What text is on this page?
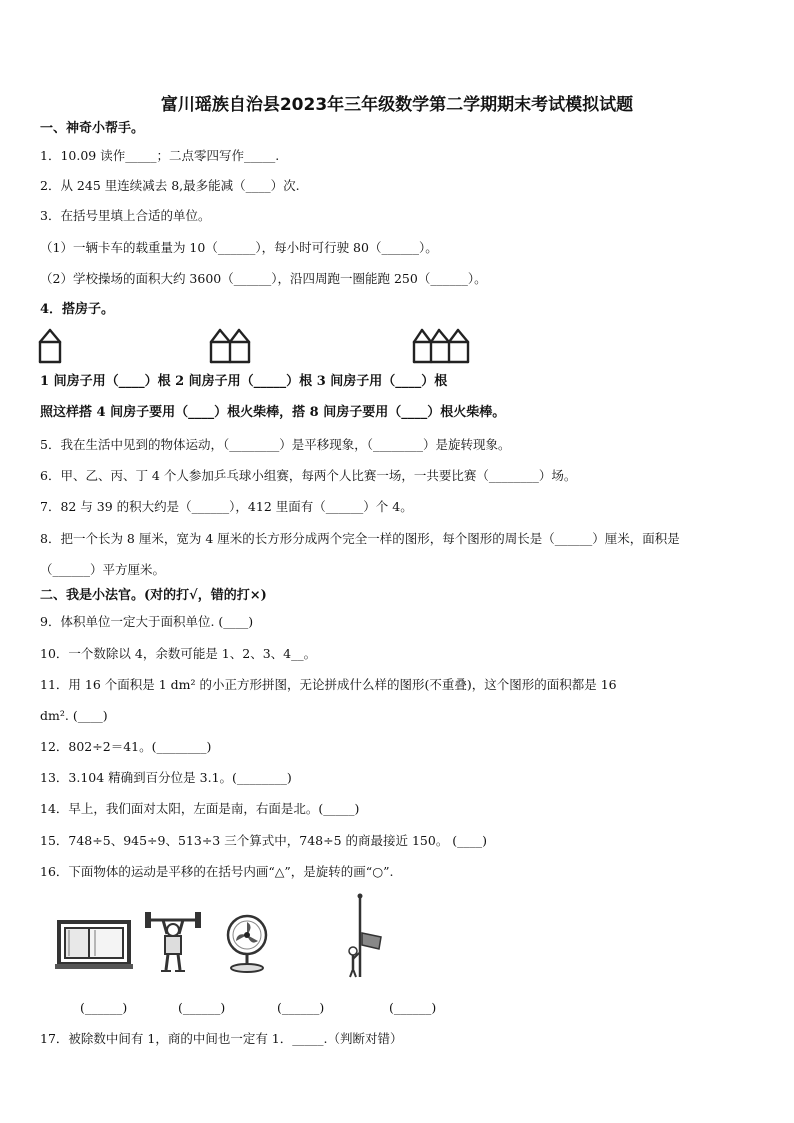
富川瑶族自治县2023年三年级数学第二学期期末考试模拟试题
一、神奇小帮手。
1．10.09 读作_____；二点零四写作_____.
2．从 245 里连续减去 8,最多能减（____）次.
3．在括号里填上合适的单位。
（1）一辆卡车的载重量为 10（______），每小时可行驶 80（______）。
（2）学校操场的面积大约 3600（______），沿四周跑一圈能跑 250（______）。
4．搭房子。
1 间房子用（____）根 2 间房子用（_____）根 3 间房子用（____）根
照这样搭 4 间房子要用（____）根火柴棒，搭 8 间房子要用（____）根火柴棒。
5．我在生活中见到的物体运动，（________）是平移现象，（________）是旋转现象。
6．甲、乙、丙、丁 4 个人参加乒乓球小组赛，每两个人比赛一场，一共要比赛（________）场。
7．82 与 39 的积大约是（______），412 里面有（______）个 4。
8．把一个长为 8 厘米，宽为 4 厘米的长方形分成两个完全一样的图形，每个图形的周长是（______）厘米，面积是
（______）平方厘米。
二、我是小法官。(对的打√，错的打×)
9．体积单位一定大于面积单位. (____)
10．一个数除以 4，余数可能是 1、2、3、4__。
11．用 16 个面积是 1 dm² 的小正方形拼图，无论拼成什么样的图形(不重叠)，这个图形的面积都是 16
dm². (____)
12．802÷2＝41。(________)
13．3.104 精确到百分位是 3.1。(________)
14．早上，我们面对太阳，左面是南，右面是北。(_____)
15．748÷5、945÷9、513÷3 三个算式中，748÷5 的商最接近 150。 (____)
16．下面物体的运动是平移的在括号内画“△”，是旋转的画“○”.
(______)	(______)	(______)	(______)
17．被除数中间有 1，商的中间也一定有 1．_____.（判断对错）
